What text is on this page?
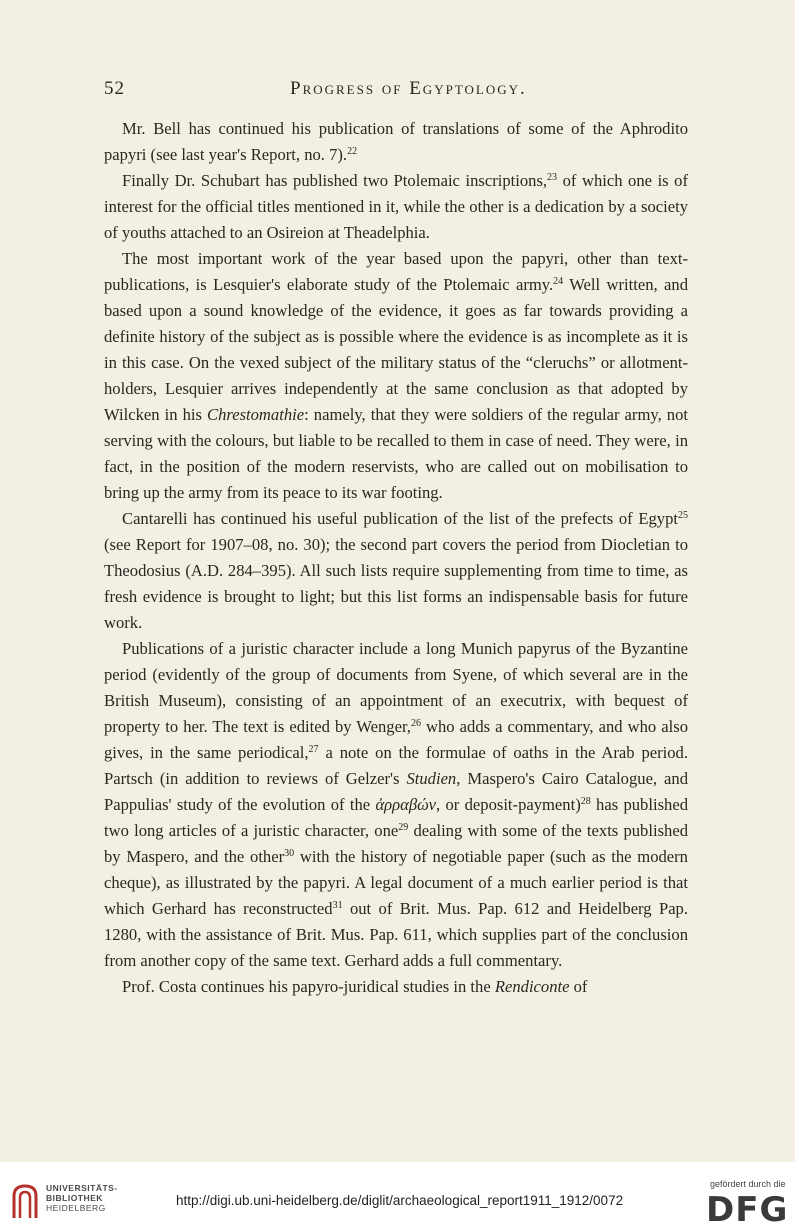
52	Progress of Egyptology.

Mr. Bell has continued his publication of translations of some of the Aphrodito papyri (see last year's Report, no. 7).$^{22}$

Finally Dr. Schubart has published two Ptolemaic inscriptions,$^{23}$ of which one is of interest for the official titles mentioned in it, while the other is a dedication by a society of youths attached to an Osireion at Theadelphia.

The most important work of the year based upon the papyri, other than text-publications, is Lesquier's elaborate study of the Ptolemaic army.$^{24}$ Well written, and based upon a sound knowledge of the evidence, it goes as far towards providing a definite history of the subject as is possible where the evidence is as incomplete as it is in this case. On the vexed subject of the military status of the “cleruchs” or allotment-holders, Lesquier arrives independently at the same conclusion as that adopted by Wilcken in his Chrestomathie: namely, that they were soldiers of the regular army, not serving with the colours, but liable to be recalled to them in case of need. They were, in fact, in the position of the modern reservists, who are called out on mobilisation to bring up the army from its peace to its war footing.

Cantarelli has continued his useful publication of the list of the prefects of Egypt$^{25}$ (see Report for 1907–08, no. 30); the second part covers the period from Diocletian to Theodosius (A.D. 284–395). All such lists require supplementing from time to time, as fresh evidence is brought to light; but this list forms an indispensable basis for future work.

Publications of a juristic character include a long Munich papyrus of the Byzantine period (evidently of the group of documents from Syene, of which several are in the British Museum), consisting of an appointment of an executrix, with bequest of property to her. The text is edited by Wenger,$^{26}$ who adds a commentary, and who also gives, in the same periodical,$^{27}$ a note on the formulae of oaths in the Arab period. Partsch (in addition to reviews of Gelzer's Studien, Maspero's Cairo Catalogue, and Pappulias' study of the evolution of the ἀρραβών, or deposit-payment)$^{28}$ has published two long articles of a juristic character, one$^{29}$ dealing with some of the texts published by Maspero, and the other$^{30}$ with the history of negotiable paper (such as the modern cheque), as illustrated by the papyri. A legal document of a much earlier period is that which Gerhard has reconstructed$^{31}$ out of Brit. Mus. Pap. 612 and Heidelberg Pap. 1280, with the assistance of Brit. Mus. Pap. 611, which supplies part of the conclusion from another copy of the same text. Gerhard adds a full commentary.

Prof. Costa continues his papyro-juridical studies in the Rendiconte of

UNIVERSITÄTS-
BIBLIOTHEK
HEIDELBERG	http://digi.ub.uni-heidelberg.de/diglit/archaeological_report1911_1912/0072
gefördert durch die
DFG
